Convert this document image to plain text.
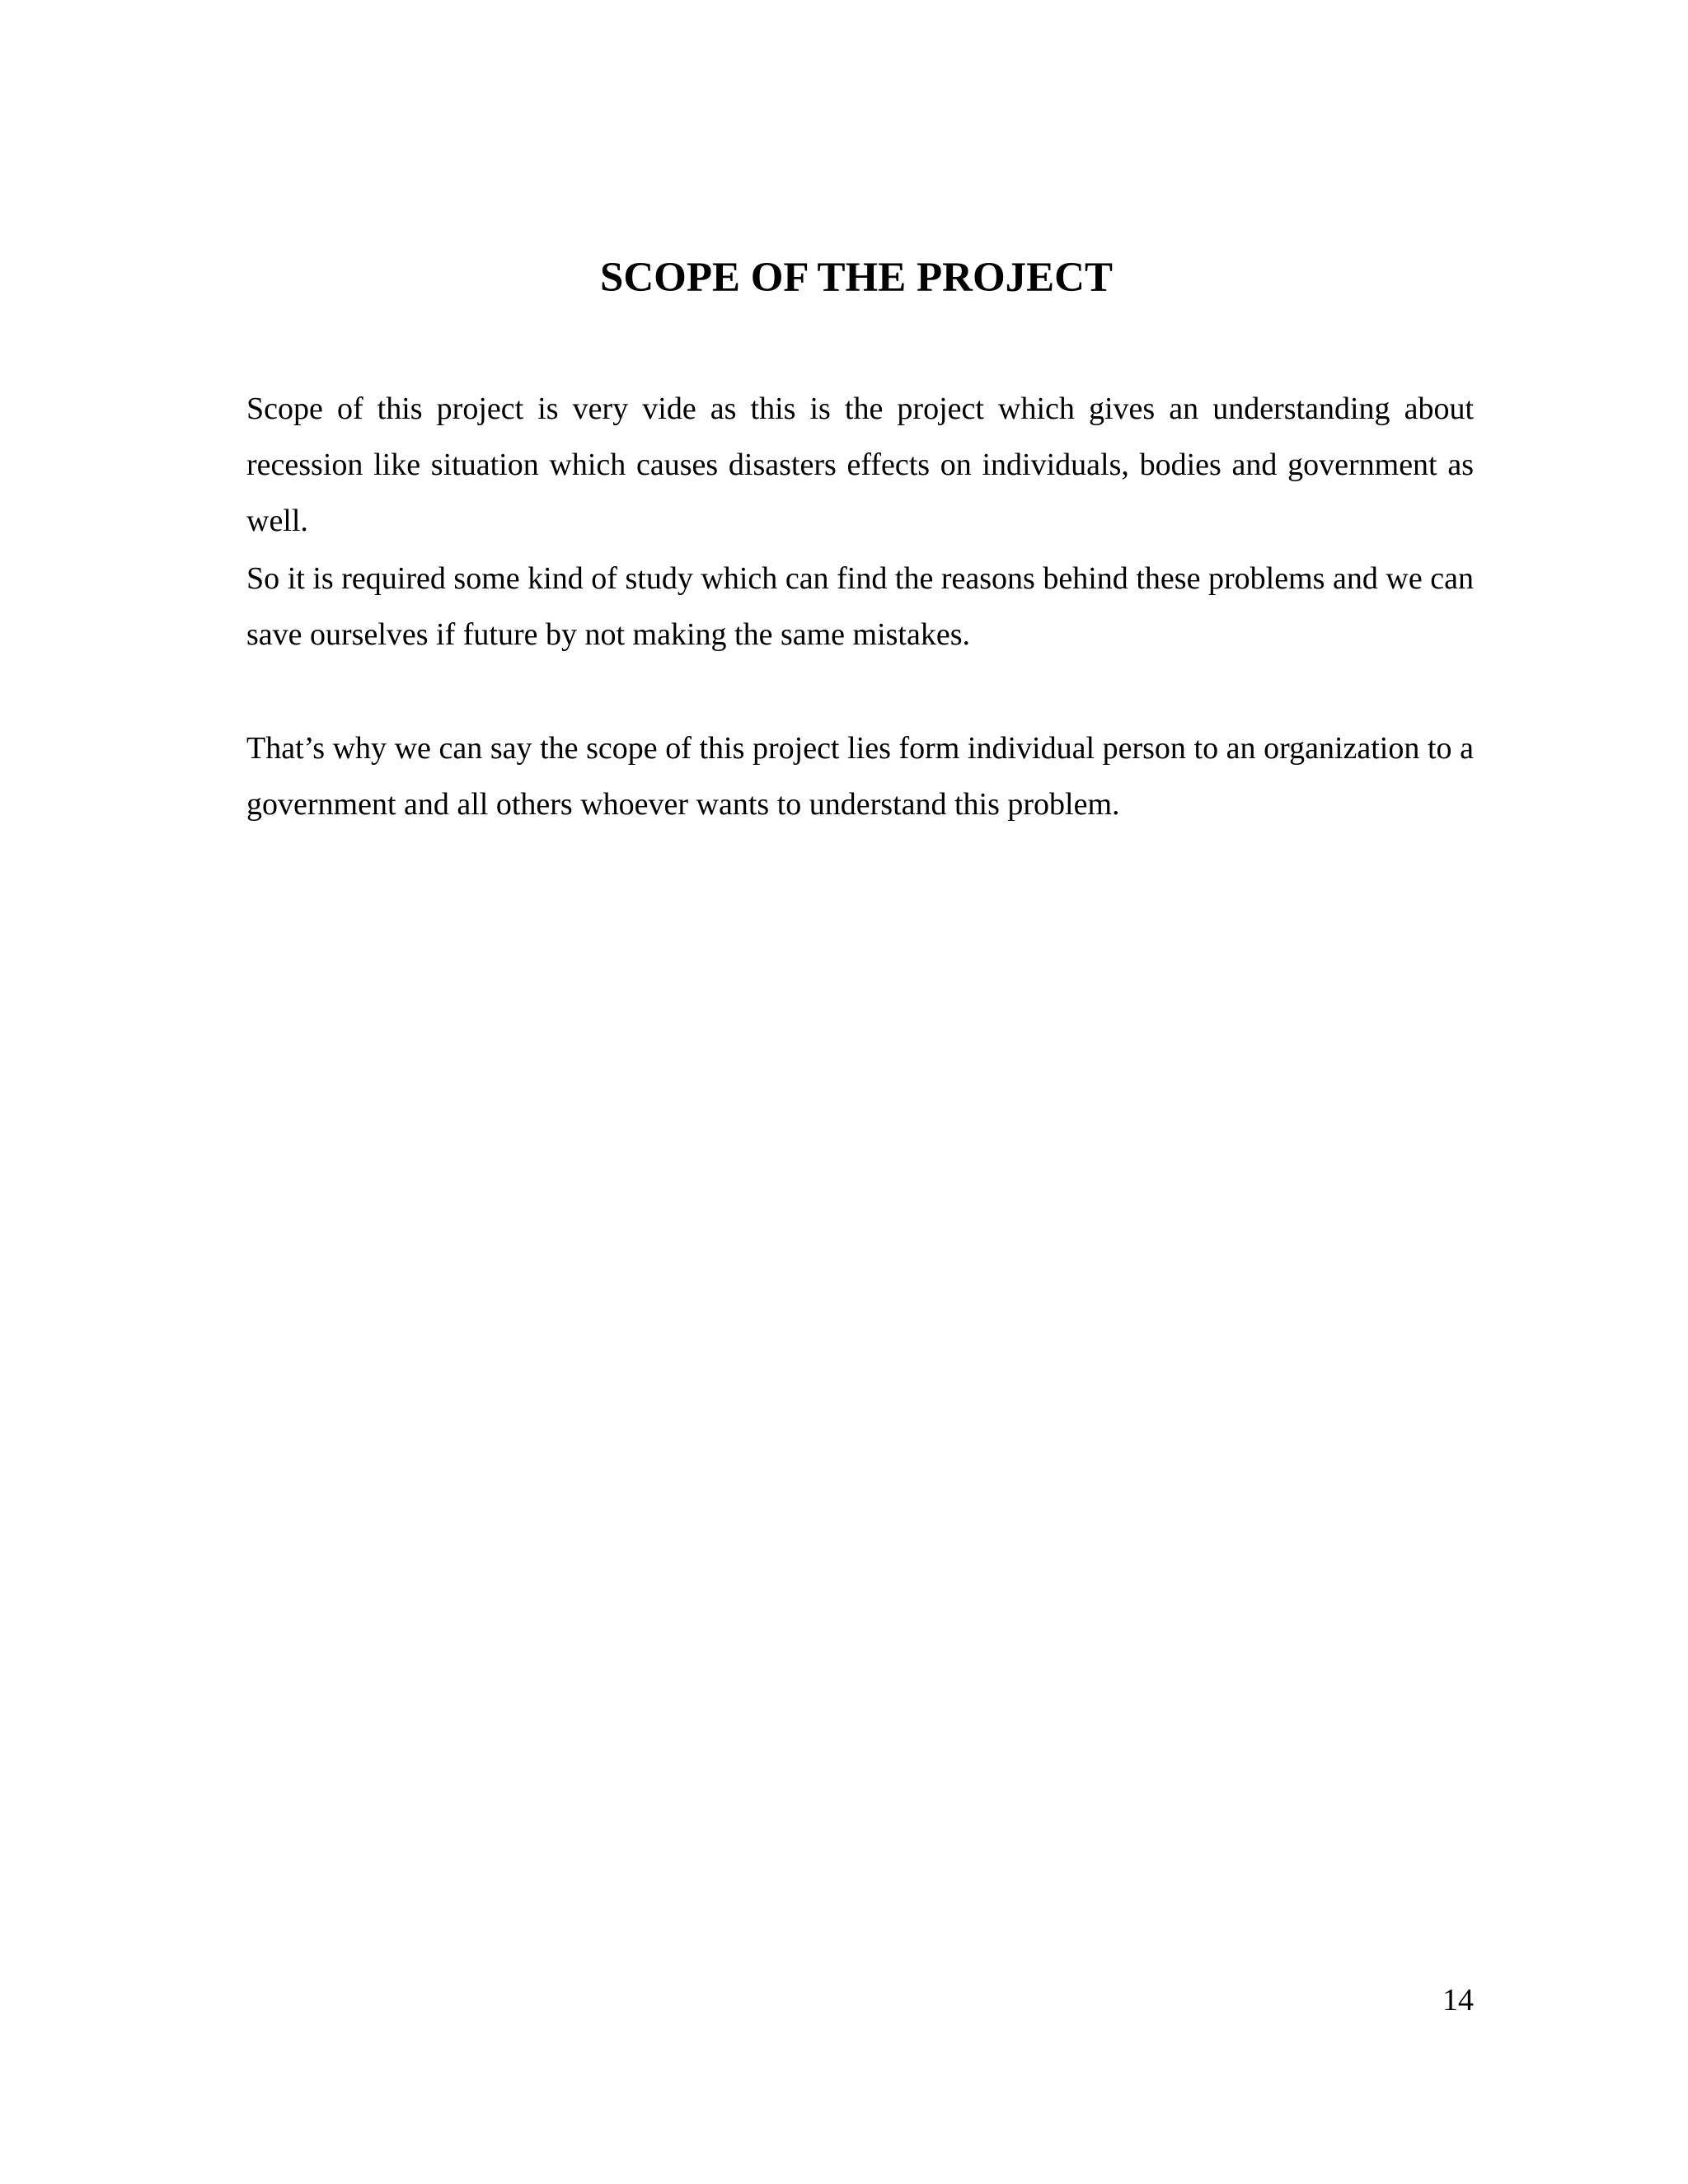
SCOPE OF THE PROJECT

Scope of this project is very vide as this is the project which gives an understanding about recession like situation which causes disasters effects on individuals, bodies and government as well.

So it is required some kind of study which can find the reasons behind these problems and we can save ourselves if future by not making the same mistakes.

That’s why we can say the scope of this project lies form individual person to an organization to a government and all others whoever wants to understand this problem.

14
